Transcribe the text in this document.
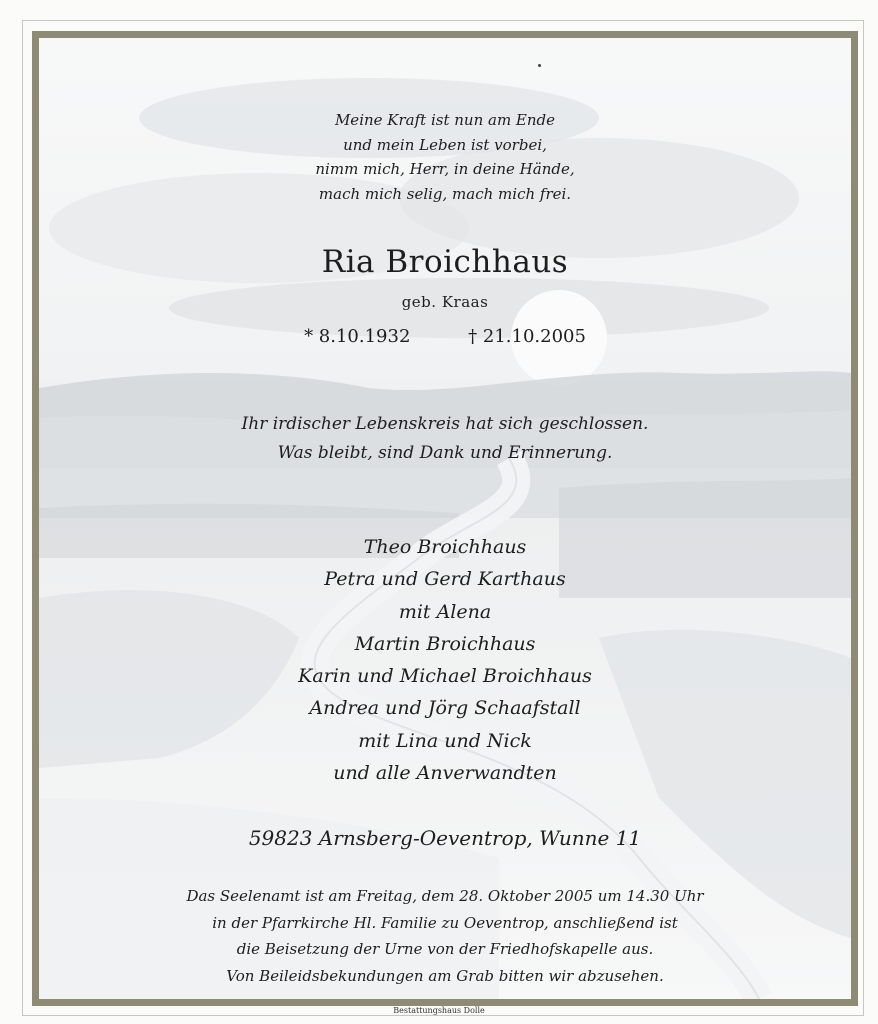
Meine Kraft ist nun am Ende
und mein Leben ist vorbei,
nimm mich, Herr, in deine Hände,
mach mich selig, mach mich frei.
Ria Broichhaus
geb. Kraas
* 8.10.1932	† 21.10.2005
Ihr irdischer Lebenskreis hat sich geschlossen.
Was bleibt, sind Dank und Erinnerung.
Theo Broichhaus
Petra und Gerd Karthaus
mit Alena
Martin Broichhaus
Karin und Michael Broichhaus
Andrea und Jörg Schaafstall
mit Lina und Nick
und alle Anverwandten
59823 Arnsberg-Oeventrop, Wunne 11
Das Seelenamt ist am Freitag, dem 28. Oktober 2005 um 14.30 Uhr
in der Pfarrkirche Hl. Familie zu Oeventrop, anschließend ist
die Beisetzung der Urne von der Friedhofskapelle aus.
Von Beileidsbekundungen am Grab bitten wir abzusehen.
Bestattungshaus Dolle
